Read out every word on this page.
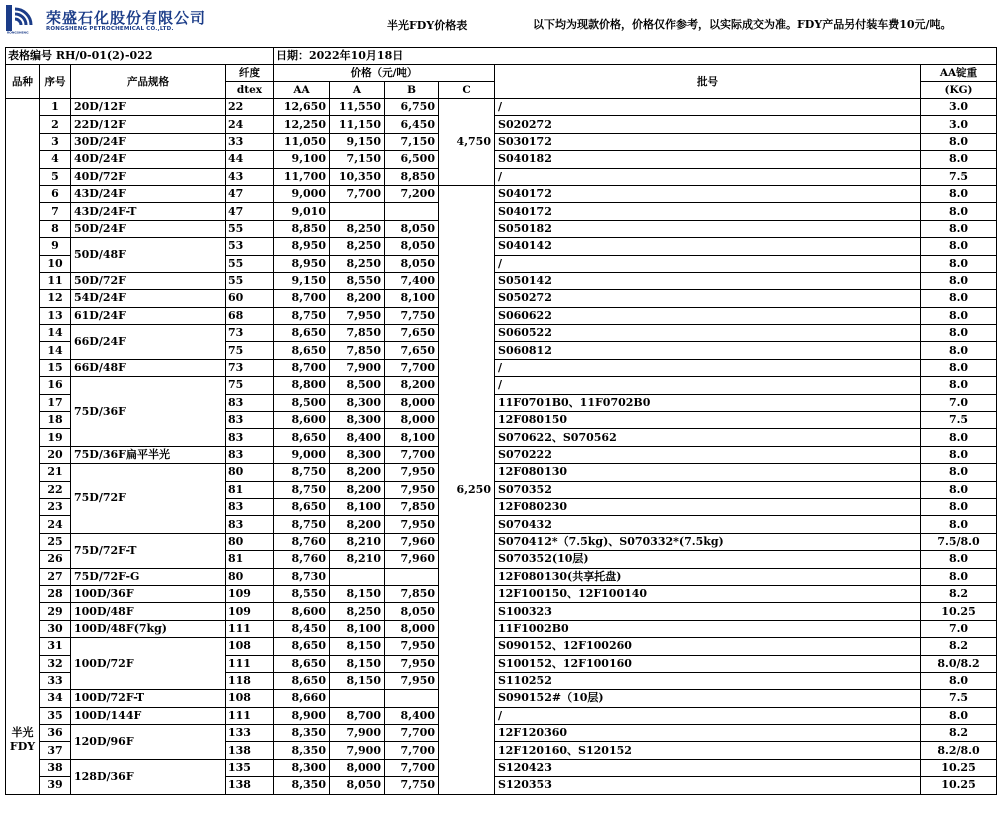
RONGSHENG
荣盛石化股份有限公司
RONGSHENG PETROCHEMICAL CO.,LTD.	半光FDY价格表	以下均为现款价格，价格仅作参考，以实际成交为准。FDY产品另付装车费10元/吨。
表格编号 RH/0-01(2)-022				日期：2022年10月18日					
品种	序号	产品规格	纤度	价格（元/吨）				批号	AA锭重
			dtex	AA	A	B	C		(KG)
半光
FDY	1	20D/12F	22	12,650	11,550	6,750	4,750	/	3.0
	2	22D/12F	24	12,250	11,150	6,450		S020272	3.0
	3	30D/24F	33	11,050	9,150	7,150		S030172	8.0
	4	40D/24F	44	9,100	7,150	6,500		S040182	8.0
	5	40D/72F	43	11,700	10,350	8,850		/	7.5
	6	43D/24F	47	9,000	7,700	7,200	6,250	S040172	8.0
	7	43D/24F-T	47	9,010				S040172	8.0
	8	50D/24F	55	8,850	8,250	8,050		S050182	8.0
	9	50D/48F	53	8,950	8,250	8,050		S040142	8.0
	10		55	8,950	8,250	8,050		/	8.0
	11	50D/72F	55	9,150	8,550	7,400		S050142	8.0
	12	54D/24F	60	8,700	8,200	8,100		S050272	8.0
	13	61D/24F	68	8,750	7,950	7,750		S060622	8.0
	14	66D/24F	73	8,650	7,850	7,650		S060522	8.0
	14		75	8,650	7,850	7,650		S060812	8.0
	15	66D/48F	73	8,700	7,900	7,700		/	8.0
	16	75D/36F	75	8,800	8,500	8,200		/	8.0
	17		83	8,500	8,300	8,000		11F0701B0、11F0702B0	7.0
	18		83	8,600	8,300	8,000		12F080150	7.5
	19		83	8,650	8,400	8,100		S070622、S070562	8.0
	20	75D/36F扁平半光	83	9,000	8,300	7,700		S070222	8.0
	21	75D/72F	80	8,750	8,200	7,950		12F080130	8.0
	22		81	8,750	8,200	7,950		S070352	8.0
	23		83	8,650	8,100	7,850		12F080230	8.0
	24		83	8,750	8,200	7,950		S070432	8.0
	25	75D/72F-T	80	8,760	8,210	7,960		S070412*（7.5kg)、S070332*(7.5kg)	7.5/8.0
	26		81	8,760	8,210	7,960		S070352(10层)	8.0
	27	75D/72F-G	80	8,730				12F080130(共享托盘)	8.0
	28	100D/36F	109	8,550	8,150	7,850		12F100150、12F100140	8.2
	29	100D/48F	109	8,600	8,250	8,050		S100323	10.25
	30	100D/48F(7kg)	111	8,450	8,100	8,000		11F1002B0	7.0
	31	100D/72F	108	8,650	8,150	7,950		S090152、12F100260	8.2
	32		111	8,650	8,150	7,950		S100152、12F100160	8.0/8.2
	33		118	8,650	8,150	7,950		S110252	8.0
	34	100D/72F-T	108	8,660				S090152#（10层)	7.5
	35	100D/144F	111	8,900	8,700	8,400		/	8.0
	36	120D/96F	133	8,350	7,900	7,700		12F120360	8.2
	37		138	8,350	7,900	7,700		12F120160、S120152	8.2/8.0
	38	128D/36F	135	8,300	8,000	7,700		S120423	10.25
	39		138	8,350	8,050	7,750		S120353	10.25
